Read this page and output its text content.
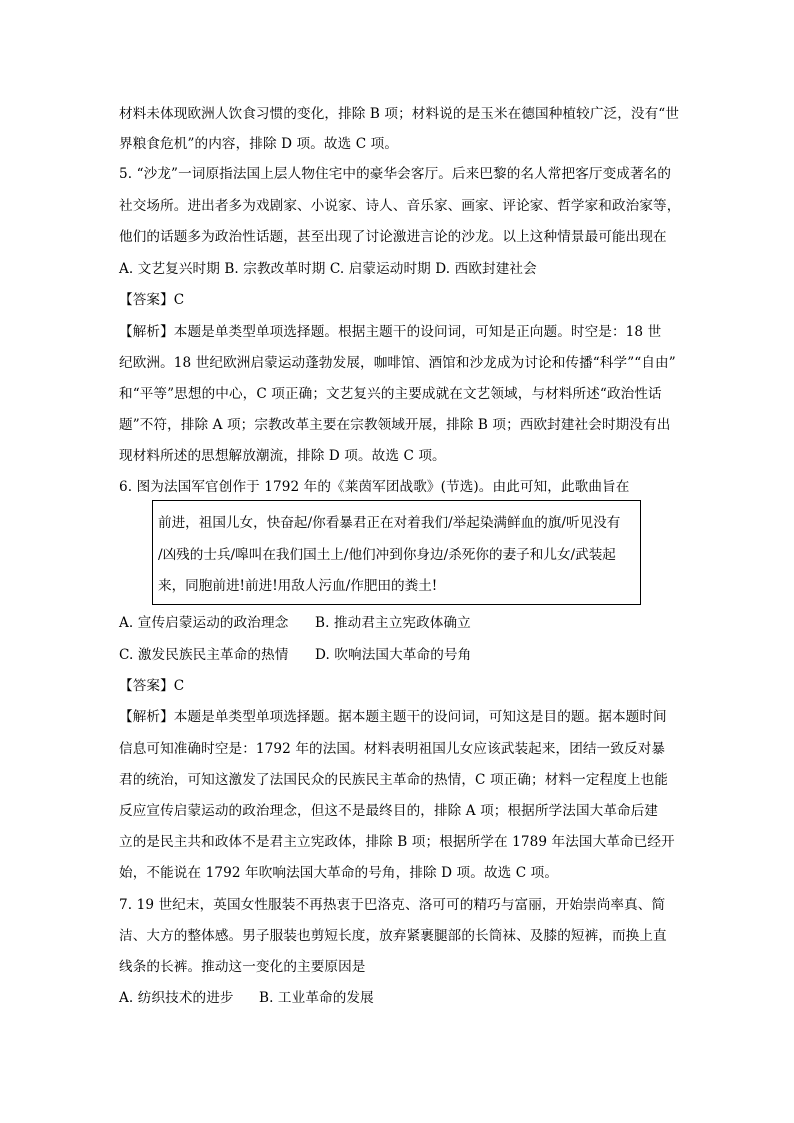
材料未体现欧洲人饮食习惯的变化，排除 B 项；材料说的是玉米在德国种植较广泛，没有“世
界粮食危机”的内容，排除 D 项。故选 C 项。
5. “沙龙”一词原指法国上层人物住宅中的豪华会客厅。后来巴黎的名人常把客厅变成著名的
社交场所。进出者多为戏剧家、小说家、诗人、音乐家、画家、评论家、哲学家和政治家等，
他们的话题多为政治性话题，甚至出现了讨论激进言论的沙龙。以上这种情景最可能出现在
A. 文艺复兴时期 B. 宗教改革时期 C. 启蒙运动时期 D. 西欧封建社会
【答案】C
【解析】本题是单类型单项选择题。根据主题干的设问词，可知是正向题。时空是：18 世
纪欧洲。18 世纪欧洲启蒙运动蓬勃发展，咖啡馆、酒馆和沙龙成为讨论和传播“科学”“自由”
和“平等”思想的中心，C 项正确；文艺复兴的主要成就在文艺领域，与材料所述“政治性话
题”不符，排除 A 项；宗教改革主要在宗教领域开展，排除 B 项；西欧封建社会时期没有出
现材料所述的思想解放潮流，排除 D 项。故选 C 项。
6. 图为法国军官创作于 1792 年的《莱茵军团战歌》(节选)。由此可知，此歌曲旨在
前进，祖国儿女，快奋起/你看暴君正在对着我们/举起染满鲜血的旗/听见没有
/凶残的士兵/嗥叫在我们国土上/他们冲到你身边/杀死你的妻子和儿女/武装起
来，同胞前进!前进!用敌人污血/作肥田的粪土!
A. 宣传启蒙运动的政治理念 B. 推动君主立宪政体确立
C. 激发民族民主革命的热情 D. 吹响法国大革命的号角
【答案】C
【解析】本题是单类型单项选择题。据本题主题干的设问词，可知这是目的题。据本题时间
信息可知准确时空是：1792 年的法国。材料表明祖国儿女应该武装起来，团结一致反对暴
君的统治，可知这激发了法国民众的民族民主革命的热情，C 项正确；材料一定程度上也能
反应宣传启蒙运动的政治理念，但这不是最终目的，排除 A 项；根据所学法国大革命后建
立的是民主共和政体不是君主立宪政体，排除 B 项；根据所学在 1789 年法国大革命已经开
始，不能说在 1792 年吹响法国大革命的号角，排除 D 项。故选 C 项。
7. 19 世纪末，英国女性服装不再热衷于巴洛克、洛可可的精巧与富丽，开始崇尚率真、简
洁、大方的整体感。男子服装也剪短长度，放弃紧裹腿部的长筒袜、及膝的短裤，而换上直
线条的长裤。推动这一变化的主要原因是
A. 纺织技术的进步 B. 工业革命的发展
